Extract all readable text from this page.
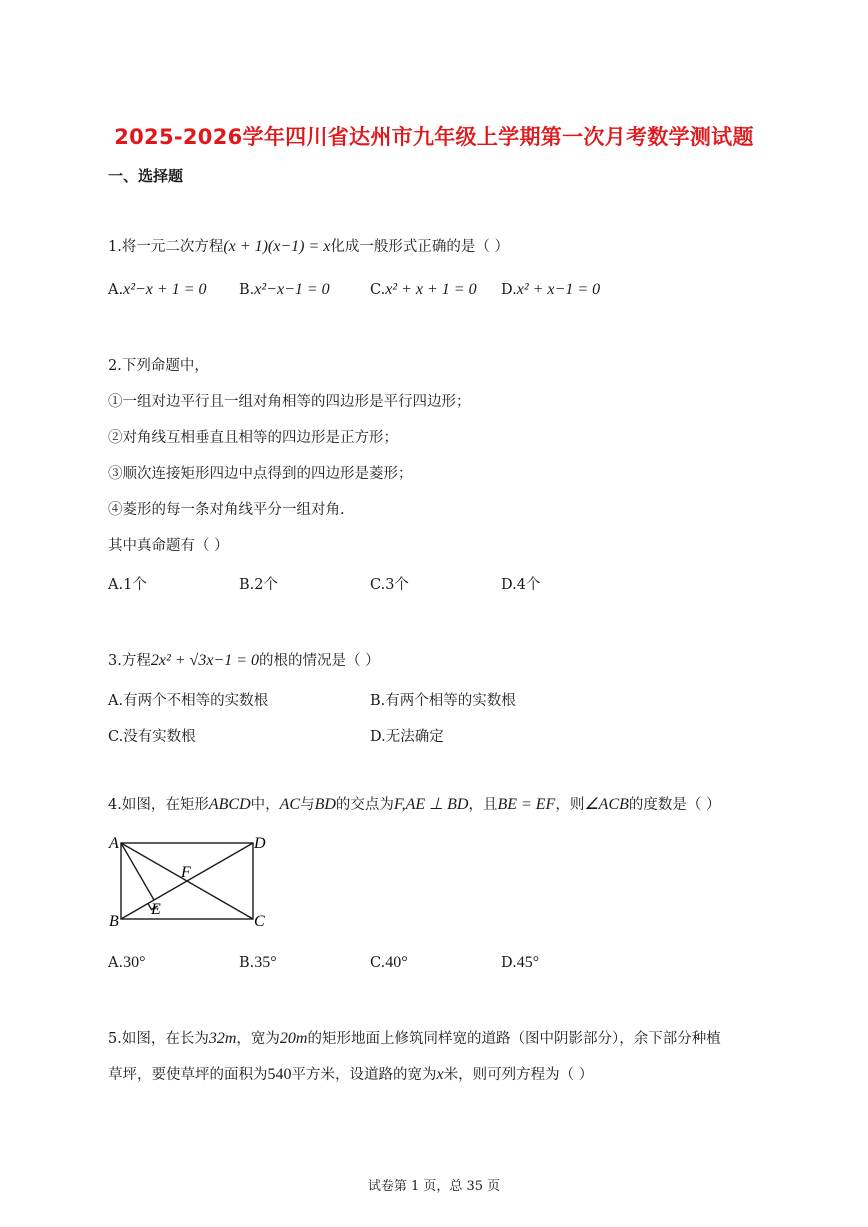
2025-2026学年四川省达州市九年级上学期第一次月考数学测试题
一、选择题
1.将一元二次方程(x + 1)(x−1) = x化成一般形式正确的是（ ）
A.x²−x + 1 = 0 B.x²−x−1 = 0	C.x² + x + 1 = 0 D.x² + x−1 = 0
2.下列命题中，
①一组对边平行且一组对角相等的四边形是平行四边形；
②对角线互相垂直且相等的四边形是正方形；
③顺次连接矩形四边中点得到的四边形是菱形；
④菱形的每一条对角线平分一组对角.
其中真命题有（ ）
A.1个	B.2个	C.3个	D.4个
3.方程2x² + √3x−1 = 0的根的情况是（ ）
A.有两个不相等的实数根	B.有两个相等的实数根
C.没有实数根	D.无法确定
4.如图，在矩形ABCD中，AC与BD的交点为F,AE ⊥ BD，且BE = EF，则∠ACB的度数是（ ）
A	D
B	C
F
E
A.30°	B.35°	C.40°	D.45°
5.如图，在长为32m，宽为20m的矩形地面上修筑同样宽的道路（图中阴影部分），余下部分种植
草坪，要使草坪的面积为540平方米，设道路的宽为x米，则可列方程为（ ）
试卷第 1 页，总 35 页
